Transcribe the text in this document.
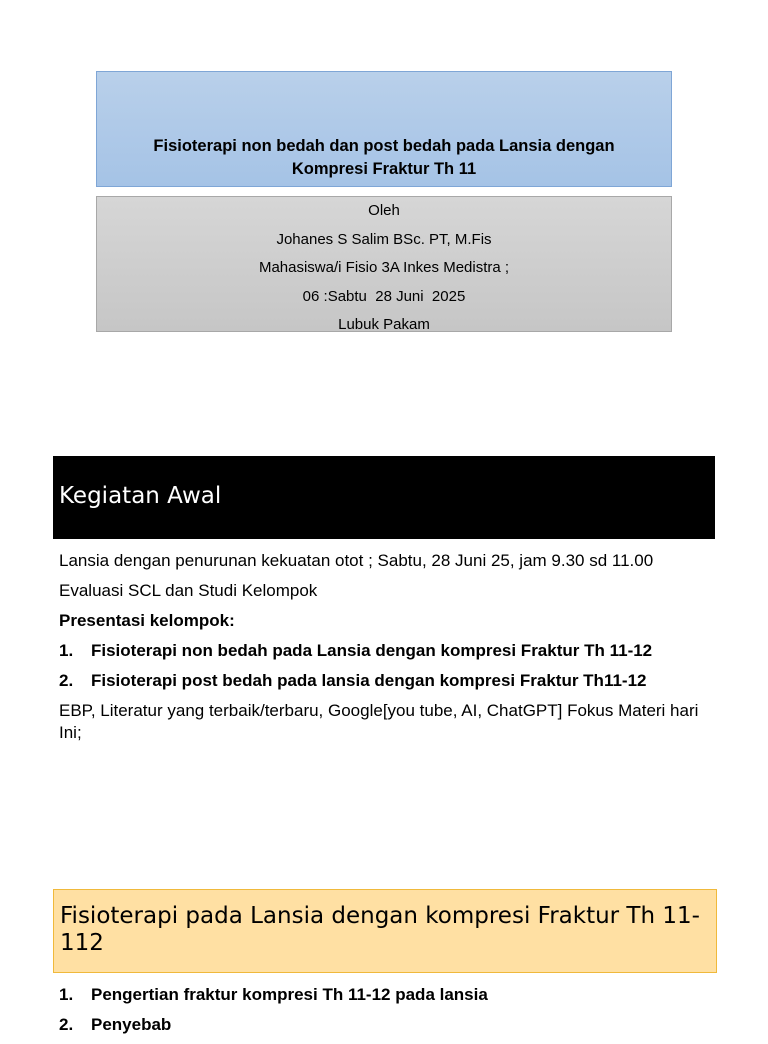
Fisioterapi non bedah dan post bedah pada Lansia dengan Kompresi Fraktur Th 11
Oleh
Johanes S Salim BSc. PT, M.Fis
Mahasiswa/i Fisio 3A Inkes Medistra ;
06 :Sabtu  28 Juni  2025
Lubuk Pakam
Kegiatan Awal

Lansia dengan penurunan kekuatan otot ; Sabtu, 28 Juni 25, jam 9.30 sd 11.00

Evaluasi SCL dan Studi Kelompok

Presentasi kelompok:

1.	Fisioterapi non bedah pada Lansia dengan kompresi Fraktur Th 11-12
2.	Fisioterapi post bedah pada lansia dengan kompresi Fraktur Th11-12

EBP, Literatur yang terbaik/terbaru, Google[you tube, AI, ChatGPT] Fokus Materi hari Ini;

Fisioterapi pada Lansia dengan kompresi Fraktur Th 11-112
1.	Pengertian fraktur kompresi Th 11-12 pada lansia
2.	Penyebab
